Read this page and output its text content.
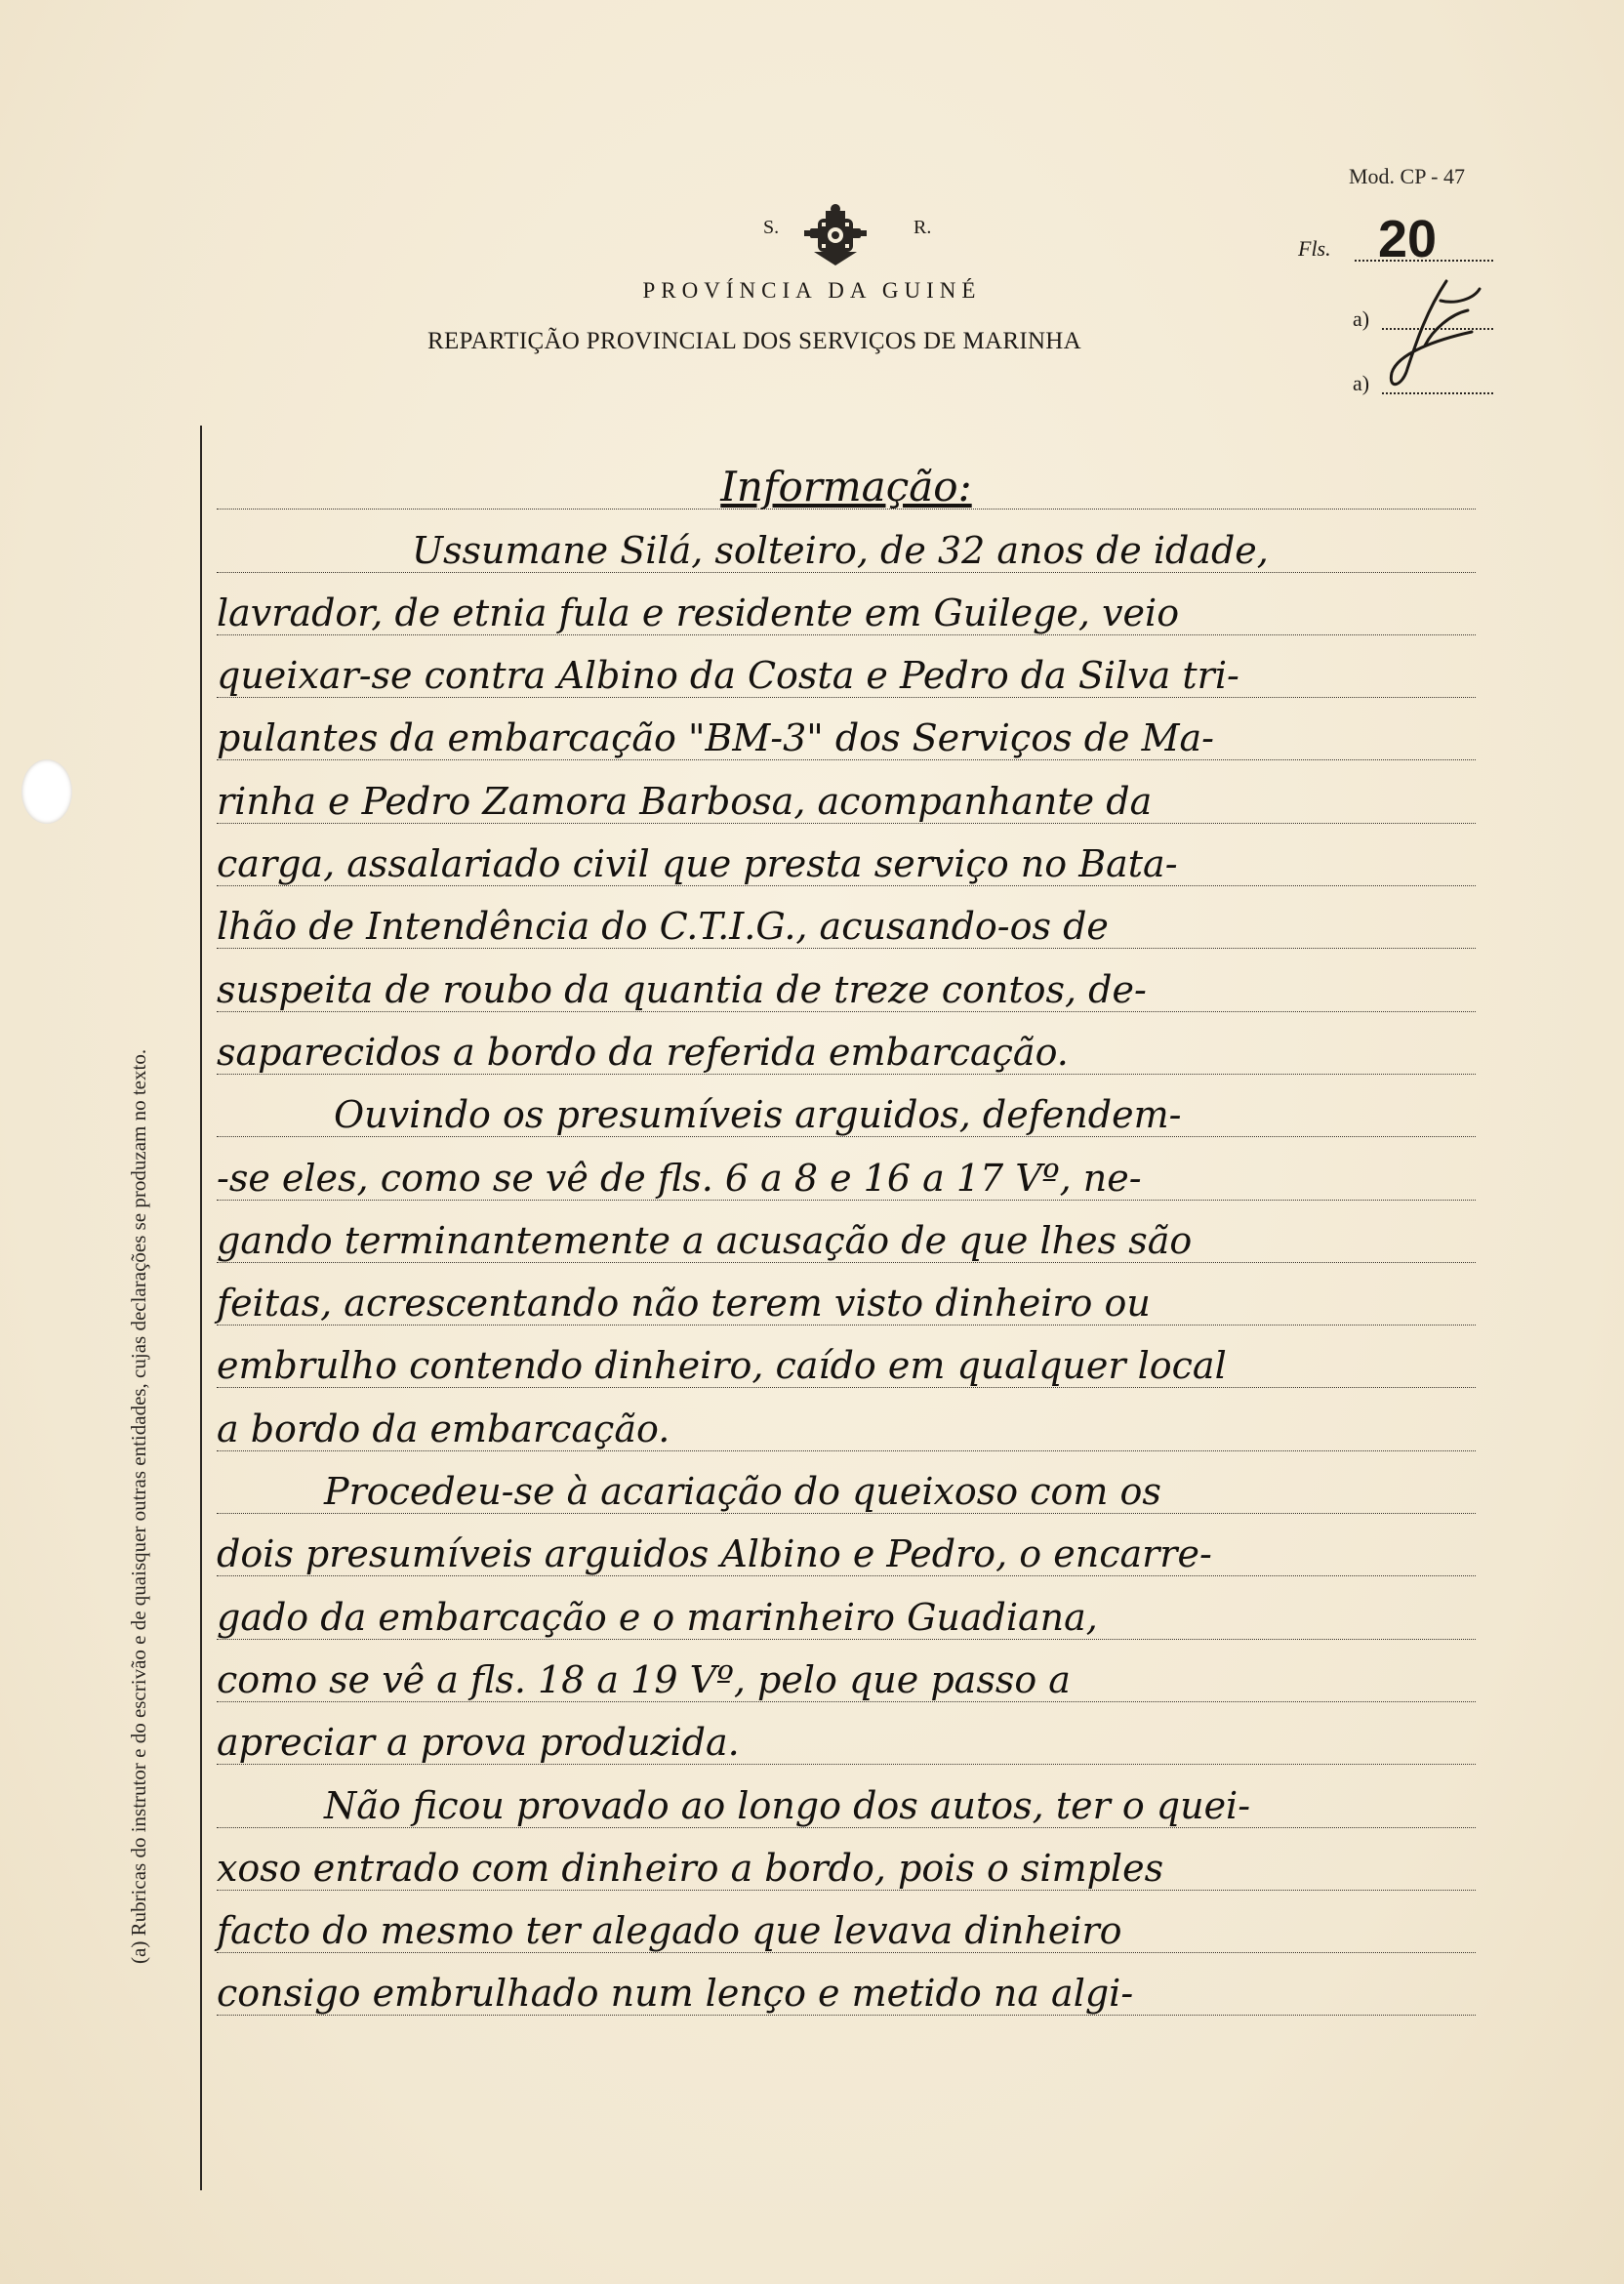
(a) Rubricas do instrutor e do escrivão e de quaisquer outras entidades, cujas declarações se produzam no texto.
Mod. CP - 47
S.	R.
PROVÍNCIA DA GUINÉ
REPARTIÇÃO PROVINCIAL DOS SERVIÇOS DE MARINHA
Fls. 20
a)
a)
Informação:
Ussumane Silá, solteiro, de 32 anos de idade,
lavrador, de etnia fula e residente em Guilege, veio
queixar-se contra Albino da Costa e Pedro da Silva tri-
pulantes da embarcação "BM-3" dos Serviços de Ma-
rinha e Pedro Zamora Barbosa, acompanhante da
carga, assalariado civil que presta serviço no Bata-
lhão de Intendência do C.T.I.G., acusando-os de
suspeita de roubo da quantia de treze contos, de-
saparecidos a bordo da referida embarcação.
Ouvindo os presumíveis arguidos, defendem-
-se eles, como se vê de fls. 6 a 8 e 16 a 17 Vº, ne-
gando terminantemente a acusação de que lhes são
feitas, acrescentando não terem visto dinheiro ou
embrulho contendo dinheiro, caído em qualquer local
a bordo da embarcação.
Procedeu-se à acariação do queixoso com os
dois presumíveis arguidos Albino e Pedro, o encarre-
gado da embarcação e o marinheiro Guadiana,
como se vê a fls. 18 a 19 Vº, pelo que passo a
apreciar a prova produzida.
Não ficou provado ao longo dos autos, ter o quei-
xoso entrado com dinheiro a bordo, pois o simples
facto do mesmo ter alegado que levava dinheiro
consigo embrulhado num lenço e metido na algi-
